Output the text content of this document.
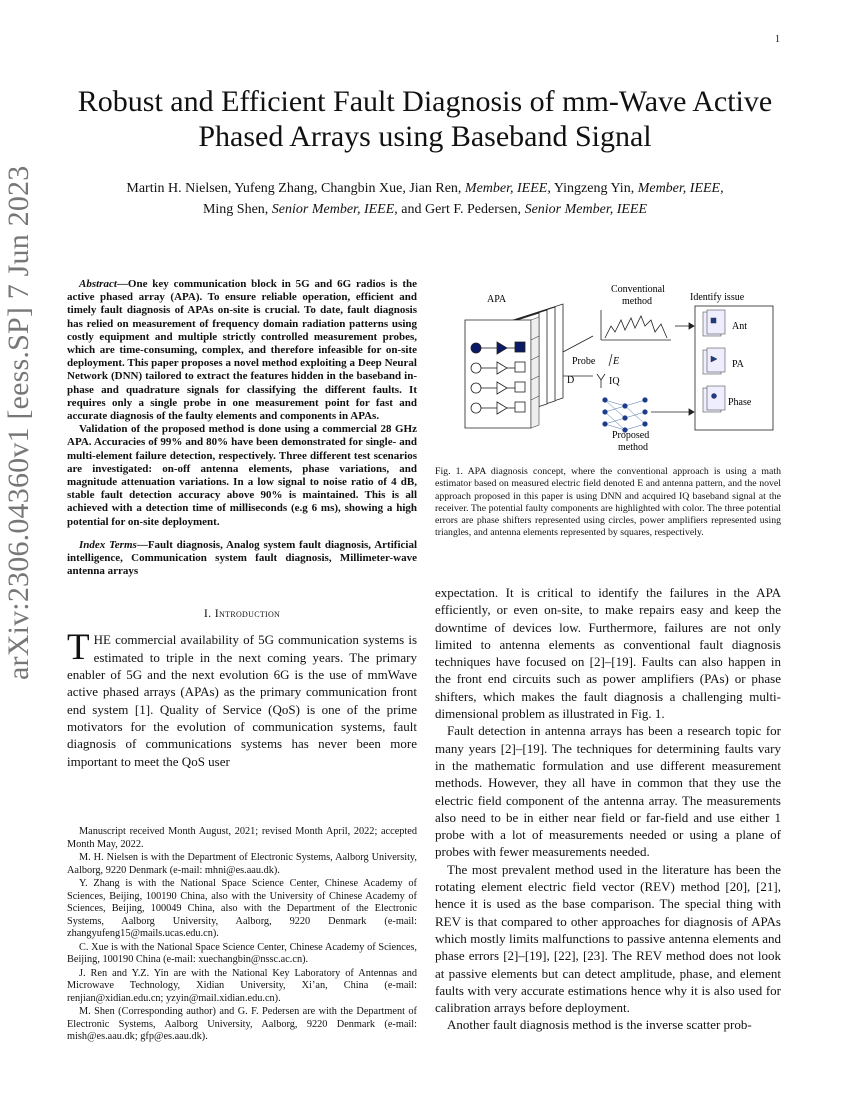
1
arXiv:2306.04360v1 [eess.SP] 7 Jun 2023
Robust and Efficient Fault Diagnosis of mm-Wave Active Phased Arrays using Baseband Signal
Martin H. Nielsen, Yufeng Zhang, Changbin Xue, Jian Ren, Member, IEEE, Yingzeng Yin, Member, IEEE,
Ming Shen, Senior Member, IEEE, and Gert F. Pedersen, Senior Member, IEEE

Abstract—One key communication block in 5G and 6G radios is the active phased array (APA). To ensure reliable operation, efficient and timely fault diagnosis of APAs on-site is crucial. To date, fault diagnosis has relied on measurement of frequency domain radiation patterns using costly equipment and multiple strictly controlled measurement probes, which are time-consuming, complex, and therefore infeasible for on-site deployment. This paper proposes a novel method exploiting a Deep Neural Network (DNN) tailored to extract the features hidden in the baseband in-phase and quadrature signals for classifying the different faults. It requires only a single probe in one measurement point for fast and accurate diagnosis of the faulty elements and components in APAs.

Validation of the proposed method is done using a commercial 28 GHz APA. Accuracies of 99% and 80% have been demonstrated for single- and multi-element failure detection, respectively. Three different test scenarios are investigated: on-off antenna elements, phase variations, and magnitude attenuation variations. In a low signal to noise ratio of 4 dB, stable fault detection accuracy above 90% is maintained. This is all achieved with a detection time of milliseconds (e.g 6 ms), showing a high potential for on-site deployment.

Index Terms—Fault diagnosis, Analog system fault diagnosis, Artificial intelligence, Communication system fault diagnosis, Millimeter-wave antenna arrays
I. Introduction

THE commercial availability of 5G communication systems is estimated to triple in the next coming years. The primary enabler of 5G and the next evolution 6G is the use of mmWave active phased arrays (APAs) as the primary communication front end system [1]. Quality of Service (QoS) is one of the prime motivators for the evolution of communication systems, fault diagnosis of communications systems has never been more important to meet the QoS user

Manuscript received Month August, 2021; revised Month April, 2022; accepted Month May, 2022.

M. H. Nielsen is with the Department of Electronic Systems, Aalborg University, Aalborg, 9220 Denmark (e-mail: mhni@es.aau.dk).

Y. Zhang is with the National Space Science Center, Chinese Academy of Sciences, Beijing, 100190 China, also with the University of Chinese Academy of Sciences, Beijing, 100049 China, also with the Department of the Electronic Systems, Aalborg University, Aalborg, 9220 Denmark (e-mail: zhangyufeng15@mails.ucas.edu.cn).

C. Xue is with the National Space Science Center, Chinese Academy of Sciences, Beijing, 100190 China (e-mail: xuechangbin@nssc.ac.cn).

J. Ren and Y.Z. Yin are with the National Key Laboratory of Antennas and Microwave Technology, Xidian University, Xi’an, China (e-mail: renjian@xidian.edu.cn; yzyin@mail.xidian.edu.cn).

M. Shen (Corresponding author) and G. F. Pedersen are with the Department of Electronic Systems, Aalborg University, Aalborg, 9220 Denmark (e-mail: mish@es.aau.dk; gfp@es.aau.dk).

APA
Conventional
method
Probe E
D	IQ
Proposed
method
Identify issue
Ant
PA
Phase
Fig. 1. APA diagnosis concept, where the conventional approach is using a math estimator based on measured electric field denoted E and antenna pattern, and the novel approach proposed in this paper is using DNN and acquired IQ baseband signal at the receiver. The potential faulty components are highlighted with color. The three potential errors are phase shifters represented using circles, power amplifiers represented using triangles, and antenna elements represented by squares, respectively.

expectation. It is critical to identify the failures in the APA efficiently, or even on-site, to make repairs easy and keep the downtime of devices low. Furthermore, failures are not only limited to antenna elements as conventional fault diagnosis techniques have focused on [2]–[19]. Faults can also happen in the front end circuits such as power amplifiers (PAs) or phase shifters, which makes the fault diagnosis a challenging multi-dimensional problem as illustrated in Fig. 1.

Fault detection in antenna arrays has been a research topic for many years [2]–[19]. The techniques for determining faults vary in the mathematic formulation and use different measurement methods. However, they all have in common that they use the electric field component of the antenna array. The measurements also need to be in either near field or far-field and use either 1 probe with a lot of measurements needed or using a plane of probes with fewer measurements needed.

The most prevalent method used in the literature has been the rotating element electric field vector (REV) method [20], [21], hence it is used as the base comparison. The special thing with REV is that compared to other approaches for diagnosis of APAs which mostly limits malfunctions to passive antenna elements and phase errors [2]–[19], [22], [23]. The REV method does not look at passive elements but can detect amplitude, phase, and element faults with very accurate estimations hence why it is also used for calibration arrays before deployment.

Another fault diagnosis method is the inverse scatter prob-
